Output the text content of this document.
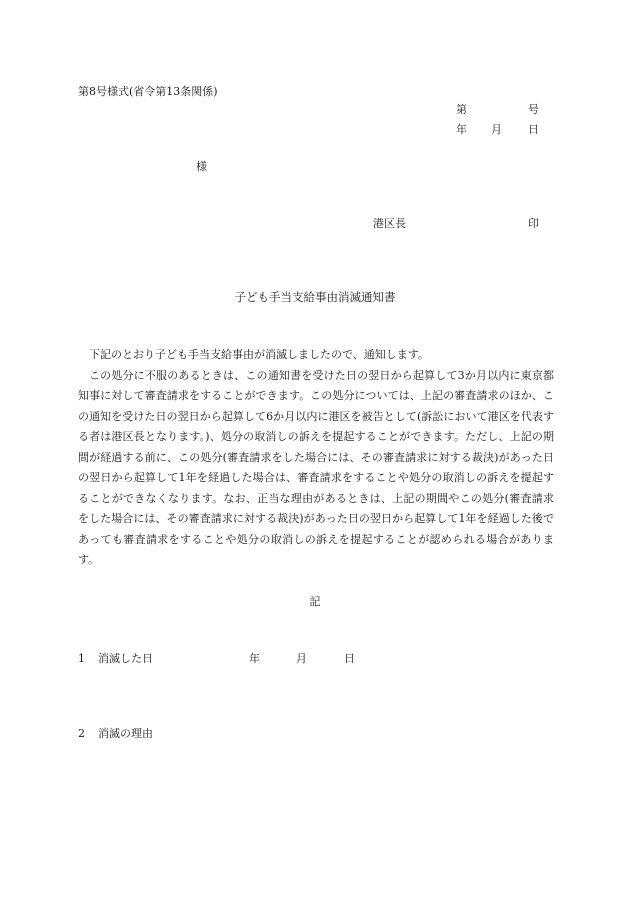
第8号様式(省令第13条関係)
第	号
年 月 日
様
港区長	印
子ども手当支給事由消滅通知書

下記のとおり子ども手当支給事由が消滅しましたので、通知します。

この処分に不服のあるときは、この通知書を受けた日の翌日から起算して3か月以内に東京都知事に対して審査請求をすることができます。この処分については、上記の審査請求のほか、この通知を受けた日の翌日から起算して6か月以内に港区を被告として(訴訟において港区を代表する者は港区長となります。)、処分の取消しの訴えを提起することができます。ただし、上記の期間が経過する前に、この処分(審査請求をした場合には、その審査請求に対する裁決)があった日の翌日から起算して1年を経過した場合は、審査請求をすることや処分の取消しの訴えを提起することができなくなります。なお、正当な理由があるときは、上記の期間やこの処分(審査請求をした場合には、その審査請求に対する裁決)があった日の翌日から起算して1年を経過した後であっても審査請求をすることや処分の取消しの訴えを提起することが認められる場合があります。

記
1 消滅した日	年	月	日
2 消滅の理由
